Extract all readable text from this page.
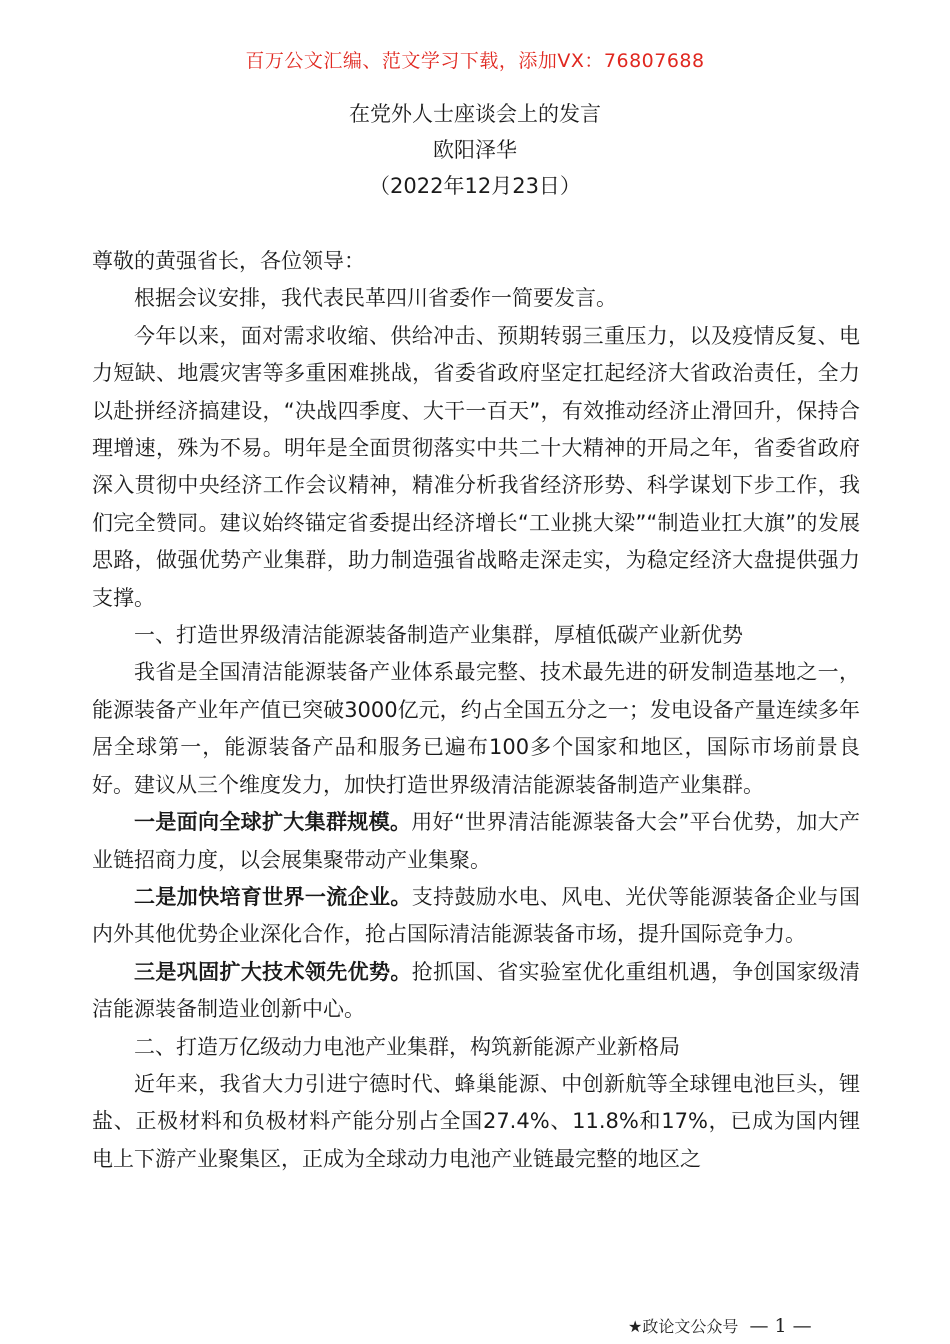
百万公文汇编、范文学习下载，添加VX：76807688
在党外人士座谈会上的发言
欧阳泽华
（2022年12月23日）

尊敬的黄强省长，各位领导：

根据会议安排，我代表民革四川省委作一简要发言。

今年以来，面对需求收缩、供给冲击、预期转弱三重压力，以及疫情反复、电力短缺、地震灾害等多重困难挑战，省委省政府坚定扛起经济大省政治责任，全力以赴拼经济搞建设，“决战四季度、大干一百天”，有效推动经济止滑回升，保持合理增速，殊为不易。明年是全面贯彻落实中共二十大精神的开局之年，省委省政府深入贯彻中央经济工作会议精神，精准分析我省经济形势、科学谋划下步工作，我们完全赞同。建议始终锚定省委提出经济增长“工业挑大梁”“制造业扛大旗”的发展思路，做强优势产业集群，助力制造强省战略走深走实，为稳定经济大盘提供强力支撑。

一、打造世界级清洁能源装备制造产业集群，厚植低碳产业新优势

我省是全国清洁能源装备产业体系最完整、技术最先进的研发制造基地之一，能源装备产业年产值已突破3000亿元，约占全国五分之一；发电设备产量连续多年居全球第一，能源装备产品和服务已遍布100多个国家和地区，国际市场前景良好。建议从三个维度发力，加快打造世界级清洁能源装备制造产业集群。

一是面向全球扩大集群规模。用好“世界清洁能源装备大会”平台优势，加大产业链招商力度，以会展集聚带动产业集聚。

二是加快培育世界一流企业。支持鼓励水电、风电、光伏等能源装备企业与国内外其他优势企业深化合作，抢占国际清洁能源装备市场，提升国际竞争力。

三是巩固扩大技术领先优势。抢抓国、省实验室优化重组机遇，争创国家级清洁能源装备制造业创新中心。

二、打造万亿级动力电池产业集群，构筑新能源产业新格局

近年来，我省大力引进宁德时代、蜂巢能源、中创新航等全球锂电池巨头，锂盐、正极材料和负极材料产能分别占全国27.4%、11.8%和17%，已成为国内锂电上下游产业聚集区，正成为全球动力电池产业链最完整的地区之

★政论文公众号 — 1 —
